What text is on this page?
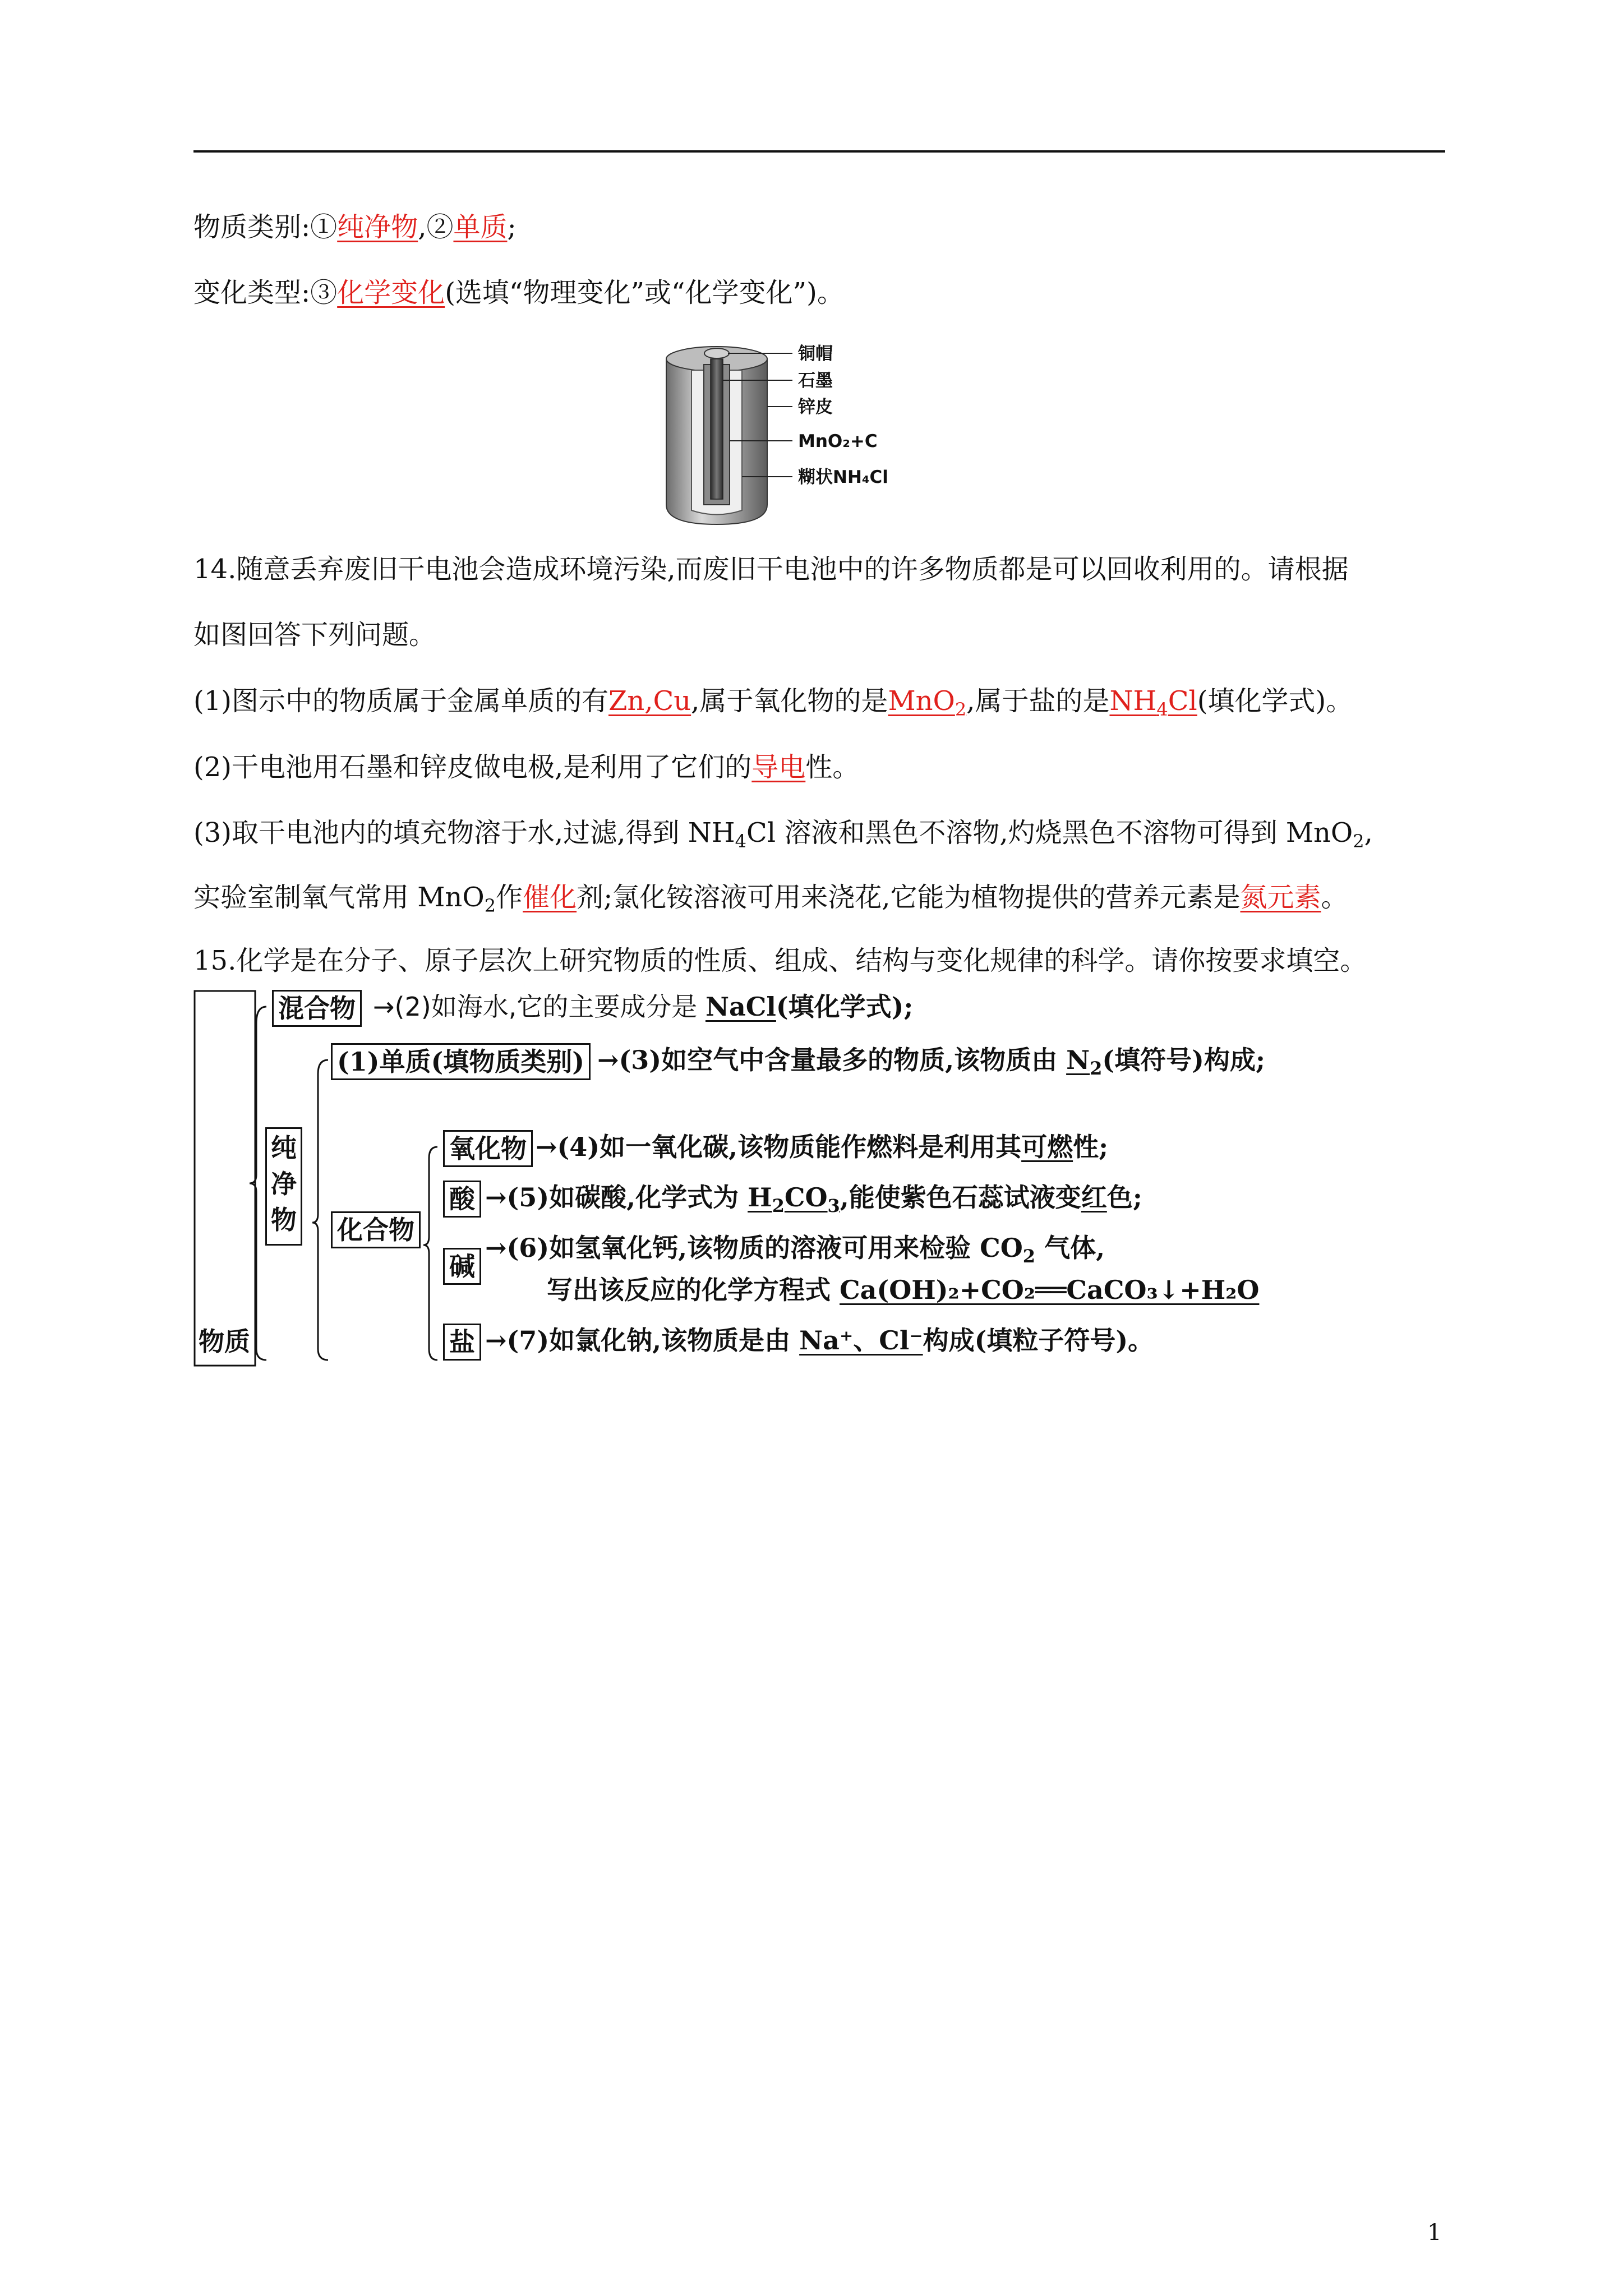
物质类别:①纯净物,②单质;
变化类型:③化学变化(选填“物理变化”或“化学变化”)。
铜帽
石墨
锌皮
MnO₂+C
糊状NH₄Cl
14.随意丢弃废旧干电池会造成环境污染,而废旧干电池中的许多物质都是可以回收利用的。请根据
如图回答下列问题。
(1)图示中的物质属于金属单质的有Zn,Cu,属于氧化物的是MnO$_2$,属于盐的是$NH_4Cl$(填化学式)。
(2)干电池用石墨和锌皮做电极,是利用了它们的导电性。
(3)取干电池内的填充物溶于水,过滤,得到 $NH_4Cl$ 溶液和黑色不溶物,灼烧黑色不溶物可得到 MnO$_2$,
实验室制氧气常用 MnO$_2$作催化剂;氯化铵溶液可用来浇花,它能为植物提供的营养元素是氮元素。
15.化学是在分子、原子层次上研究物质的性质、组成、结构与变化规律的科学。请你按要求填空。
物质
混合物 →(2)如海水,它的主要成分是 NaCl(填化学式);
纯
净
物
(1)单质(填物质类别) →(3)如空气中含量最多的物质,该物质由 $N_2$(填符号)构成;
化合物
氧化物 →(4)如一氧化碳,该物质能作燃料是利用其可燃性;
酸 →(5)如碳酸,化学式为 $H_2CO_3$,能使紫色石蕊试液变红色;
碱
→(6)如氢氧化钙,该物质的溶液可用来检验 $CO_2$ 气体,
写出该反应的化学方程式 Ca(OH)₂+CO₂══CaCO₃↓+H₂O
盐 →(7)如氯化钠,该物质是由 Na⁺、Cl⁻构成(填粒子符号)。
1
